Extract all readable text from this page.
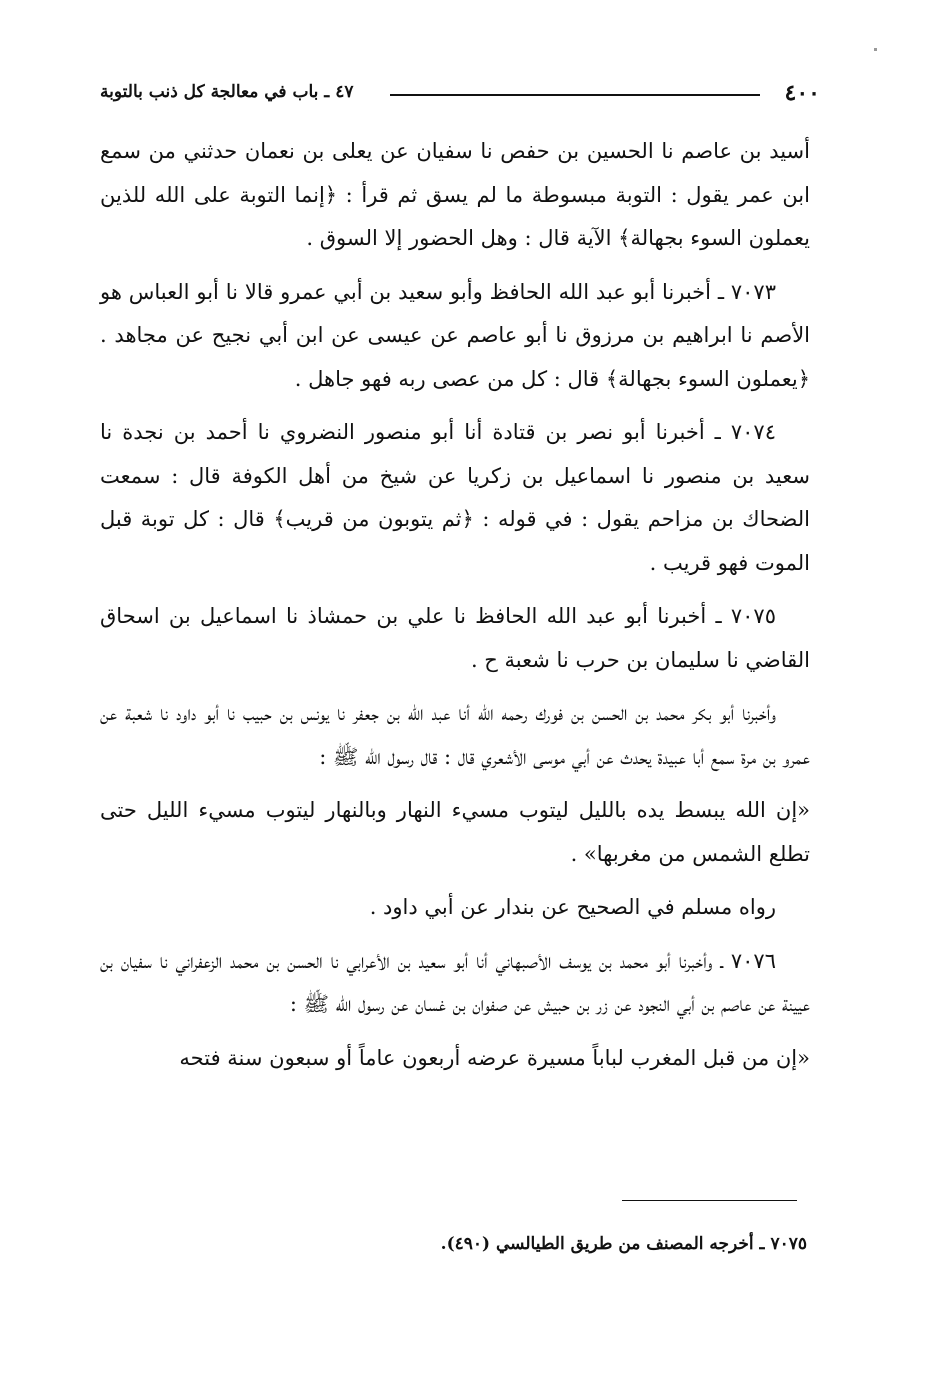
٤٠٠
٤٧ ـ باب في معالجة كل ذنب بالتوبة

أسيد بن عاصم نا الحسين بن حفص نا سفيان عن يعلى بن نعمان حدثني من سمع ابن عمر يقول : التوبة مبسوطة ما لم يسق ثم قرأ : ﴿إنما التوبة على الله للذين يعملون السوء بجهالة﴾ الآية قال : وهل الحضور إلا السوق .

٧٠٧٣ ـ أخبرنا أبو عبد الله الحافظ وأبو سعيد بن أبي عمرو قالا نا أبو العباس هو الأصم نا ابراهيم بن مرزوق نا أبو عاصم عن عيسى عن ابن أبي نجيح عن مجاهد . ﴿يعملون السوء بجهالة﴾ قال : كل من عصى ربه فهو جاهل .

٧٠٧٤ ـ أخبرنا أبو نصر بن قتادة أنا أبو منصور النضروي نا أحمد بن نجدة نا سعيد بن منصور نا اسماعيل بن زكريا عن شيخ من أهل الكوفة قال : سمعت الضحاك بن مزاحم يقول : في قوله : ﴿ثم يتوبون من قريب﴾ قال : كل توبة قبل الموت فهو قريب .

٧٠٧٥ ـ أخبرنا أبو عبد الله الحافظ نا علي بن حمشاذ نا اسماعيل بن اسحاق القاضي نا سليمان بن حرب نا شعبة ح .

وأخبرنا أبو بكر محمد بن الحسن بن فورك رحمه الله أنا عبد الله بن جعفر نا يونس بن حبيب نا أبو داود نا شعبة عن عمرو بن مرة سمع أبا عبيدة يحدث عن أبي موسى الأشعري قال : قال رسول الله ﷺ :

«إن الله يبسط يده بالليل ليتوب مسيء النهار وبالنهار ليتوب مسيء الليل حتى تطلع الشمس من مغربها» .

رواه مسلم في الصحيح عن بندار عن أبي داود .

٧٠٧٦ ـ وأخبرنا أبو محمد بن يوسف الأصبهاني أنا أبو سعيد بن الأعرابي نا الحسن بن محمد الزعفراني نا سفيان بن عيينة عن عاصم بن أبي النجود عن زر بن حبيش عن صفوان بن غسان عن رسول الله ﷺ :

«إن من قبل المغرب لباباً مسيرة عرضه أربعون عاماً أو سبعون سنة فتحه

٧٠٧٥ ـ أخرجه المصنف من طريق الطيالسي (٤٩٠).
